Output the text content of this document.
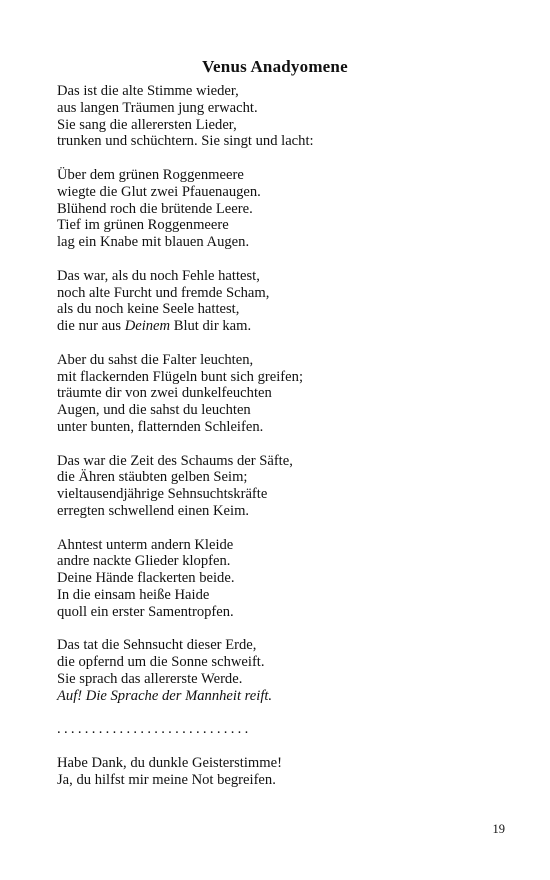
Venus Anadyomene
Das ist die alte Stimme wieder,
aus langen Träumen jung erwacht.
Sie sang die allerersten Lieder,
trunken und schüchtern. Sie singt und lacht:
Über dem grünen Roggenmeere
wiegte die Glut zwei Pfauenaugen.
Blühend roch die brütende Leere.
Tief im grünen Roggenmeere
lag ein Knabe mit blauen Augen.
Das war, als du noch Fehle hattest,
noch alte Furcht und fremde Scham,
als du noch keine Seele hattest,
die nur aus Deinem Blut dir kam.
Aber du sahst die Falter leuchten,
mit flackernden Flügeln bunt sich greifen;
träumte dir von zwei dunkelfeuchten
Augen, und die sahst du leuchten
unter bunten, flatternden Schleifen.
Das war die Zeit des Schaums der Säfte,
die Ähren stäubten gelben Seim;
vieltausendjährige Sehnsuchtskräfte
erregten schwellend einen Keim.
Ahntest unterm andern Kleide
andre nackte Glieder klopfen.
Deine Hände flackerten beide.
In die einsam heiße Haide
quoll ein erster Samentropfen.
Das tat die Sehnsucht dieser Erde,
die opfernd um die Sonne schweift.
Sie sprach das allererste Werde.
Auf! Die Sprache der Mannheit reift.
............................
Habe Dank, du dunkle Geisterstimme!
Ja, du hilfst mir meine Not begreifen.
19
